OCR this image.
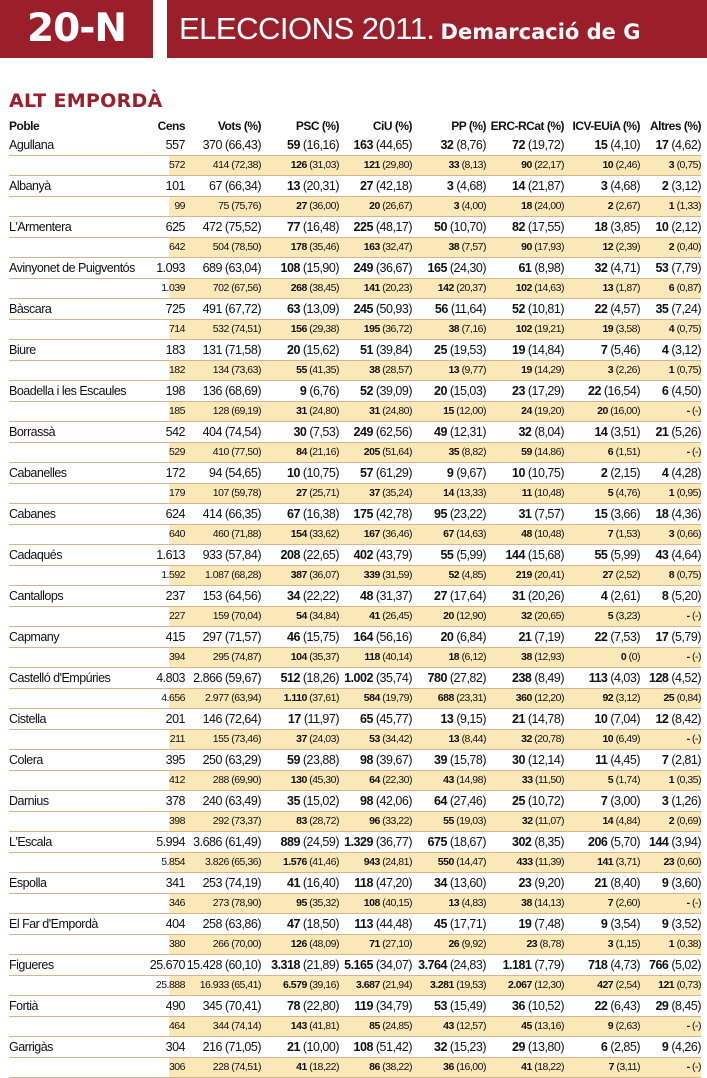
20-N	ELECCIONS 2011. Demarcació de G
ALT EMPORDÀ
Poble	Cens	Vots (%)	PSC (%)	CiU (%)	PP (%) ERC-RCat (%) ICV-EUiA (%) Altres (%)
Agullana	557 370 (66,43) 59 (16,16) 163 (44,65) 32 (8,76) 72 (19,72) 15 (4,10) 17 (4,62)
572	414 (72,38)	126 (31,03) 121 (29,80)	33 (8,13)	90 (22,17)	10 (2,46)	3 (0,75)
Albanyà	101 67 (66,34) 13 (20,31) 27 (42,18)	3 (4,68) 14 (21,87)	3 (4,68) 2 (3,12)
99	75 (75,76)	27 (36,00)	20 (26,67)	3 (4,00)	18 (24,00)	2 (2,67)	1 (1,33)
L'Armentera	625 472 (75,52) 77 (16,48) 225 (48,17) 50 (10,70) 82 (17,55) 18 (3,85) 10 (2,12)
642	504 (78,50)	178 (35,46) 163 (32,47)	38 (7,57)	90 (17,93)	12 (2,39)	2 (0,40)
Avinyonet de Puigventós	1.093 689 (63,04) 108 (15,90) 249 (36,67) 165 (24,30)	61 (8,98) 32 (4,71) 53 (7,79)
1.039	702 (67,56)	268 (38,45) 141 (20,23) 142 (20,37)	102 (14,63)	13 (1,87)	6 (0,87)
Bàscara	725 491 (67,72) 63 (13,09) 245 (50,93) 56 (11,64) 52 (10,81) 22 (4,57) 35 (7,24)
714	532 (74,51)	156 (29,38) 195 (36,72)	38 (7,16)	102 (19,21)	19 (3,58)	4 (0,75)
Biure	183 131 (71,58) 20 (15,62) 51 (39,84) 25 (19,53) 19 (14,84)	7 (5,46) 4 (3,12)
182	134 (73,63)	55 (41,35)	38 (28,57)	13 (9,77)	19 (14,29)	3 (2,26)	1 (0,75)
Boadella i les Escaules	198 136 (68,69)	9 (6,76) 52 (39,09) 20 (15,03) 23 (17,29) 22 (16,54) 6 (4,50)
185	128 (69,19)	31 (24,80)	31 (24,80)	15 (12,00)	24 (19,20)	20 (16,00)	- (-)
Borrassà	542 404 (74,54)	30 (7,53) 249 (62,56) 49 (12,31)	32 (8,04) 14 (3,51) 21 (5,26)
529	410 (77,50)	84 (21,16) 205 (51,64)	35 (8,82)	59 (14,86)	6 (1,51)	- (-)
Cabanelles	172 94 (54,65) 10 (10,75) 57 (61,29)	9 (9,67) 10 (10,75)	2 (2,15) 4 (4,28)
179	107 (59,78)	27 (25,71)	37 (35,24)	14 (13,33)	11 (10,48)	5 (4,76)	1 (0,95)
Cabanes	624 414 (66,35) 67 (16,38) 175 (42,78) 95 (23,22)	31 (7,57) 15 (3,66) 18 (4,36)
640	460 (71,88)	154 (33,62) 167 (36,46)	67 (14,63)	48 (10,48)	7 (1,53)	3 (0,66)
Cadaqués	1.613 933 (57,84) 208 (22,65) 402 (43,79) 55 (5,99) 144 (15,68) 55 (5,99) 43 (4,64)
1.592 1.087 (68,28)	387 (36,07) 339 (31,59)	52 (4,85)	219 (20,41)	27 (2,52)	8 (0,75)
Cantallops	237 153 (64,56) 34 (22,22) 48 (31,37) 27 (17,64) 31 (20,26)	4 (2,61) 8 (5,20)
227	159 (70,04)	54 (34,84)	41 (26,45)	20 (12,90)	32 (20,65)	5 (3,23)	- (-)
Capmany	415 297 (71,57) 46 (15,75) 164 (56,16) 20 (6,84)	21 (7,19) 22 (7,53) 17 (5,79)
394	295 (74,87)	104 (35,37) 118 (40,14)	18 (6,12)	38 (12,93)	0 (0)	- (-)
Castelló d'Empúries	4.803 2.866 (59,67) 512 (18,26) 1.002 (35,74) 780 (27,82) 238 (8,49) 113 (4,03) 128 (4,52)
4.656 2.977 (63,94) 1.110 (37,61) 584 (19,79) 688 (23,31)	360 (12,20)	92 (3,12) 25 (0,84)
Cistella	201 146 (72,64) 17 (11,97) 65 (45,77) 13 (9,15) 21 (14,78) 10 (7,04) 12 (8,42)
211	155 (73,46)	37 (24,03)	53 (34,42)	13 (8,44)	32 (20,78)	10 (6,49)	- (-)
Colera	395 250 (63,29) 59 (23,88) 98 (39,67) 39 (15,78) 30 (12,14) 11 (4,45) 7 (2,81)
412	288 (69,90)	130 (45,30)	64 (22,30)	43 (14,98)	33 (11,50)	5 (1,74)	1 (0,35)
Darnius	378 240 (63,49) 35 (15,02) 98 (42,06) 64 (27,46) 25 (10,72)	7 (3,00) 3 (1,26)
398	292 (73,37)	83 (28,72)	96 (33,22)	55 (19,03)	32 (11,07)	14 (4,84)	2 (0,69)
L'Escala	5.994 3.686 (61,49) 889 (24,59) 1.329 (36,77) 675 (18,67) 302 (8,35) 206 (5,70) 144 (3,94)
5.854 3.826 (65,36) 1.576 (41,46) 943 (24,81) 550 (14,47)	433 (11,39)	141 (3,71) 23 (0,60)
Espolla	341 253 (74,19) 41 (16,40) 118 (47,20) 34 (13,60)	23 (9,20) 21 (8,40) 9 (3,60)
346	273 (78,90)	95 (35,32) 108 (40,15)	13 (4,83)	38 (14,13)	7 (2,60)	- (-)
El Far d'Empordà	404 258 (63,86) 47 (18,50) 113 (44,48) 45 (17,71)	19 (7,48)	9 (3,54) 9 (3,52)
380	266 (70,00)	126 (48,09)	71 (27,10)	26 (9,92)	23 (8,78)	3 (1,15)	1 (0,38)
Figueres	25.670 15.428 (60,10) 3.318 (21,89) 5.165 (34,07) 3.764 (24,83) 1.181 (7,79) 718 (4,73) 766 (5,02)
25.888 16.933 (65,41) 6.579 (39,16) 3.687 (21,94) 3.281 (19,53) 2.067 (12,30)	427 (2,54) 121 (0,73)
Fortià	490 345 (70,41) 78 (22,80) 119 (34,79) 53 (15,49) 36 (10,52) 22 (6,43) 29 (8,45)
464	344 (74,14)	143 (41,81)	85 (24,85)	43 (12,57)	45 (13,16)	9 (2,63)	- (-)
Garrigàs	304 216 (71,05) 21 (10,00) 108 (51,42) 32 (15,23) 29 (13,80)	6 (2,85) 9 (4,26)
306	228 (74,51)	41 (18,22)	86 (38,22)	36 (16,00)	41 (18,22)	7 (3,11)	- (-)
